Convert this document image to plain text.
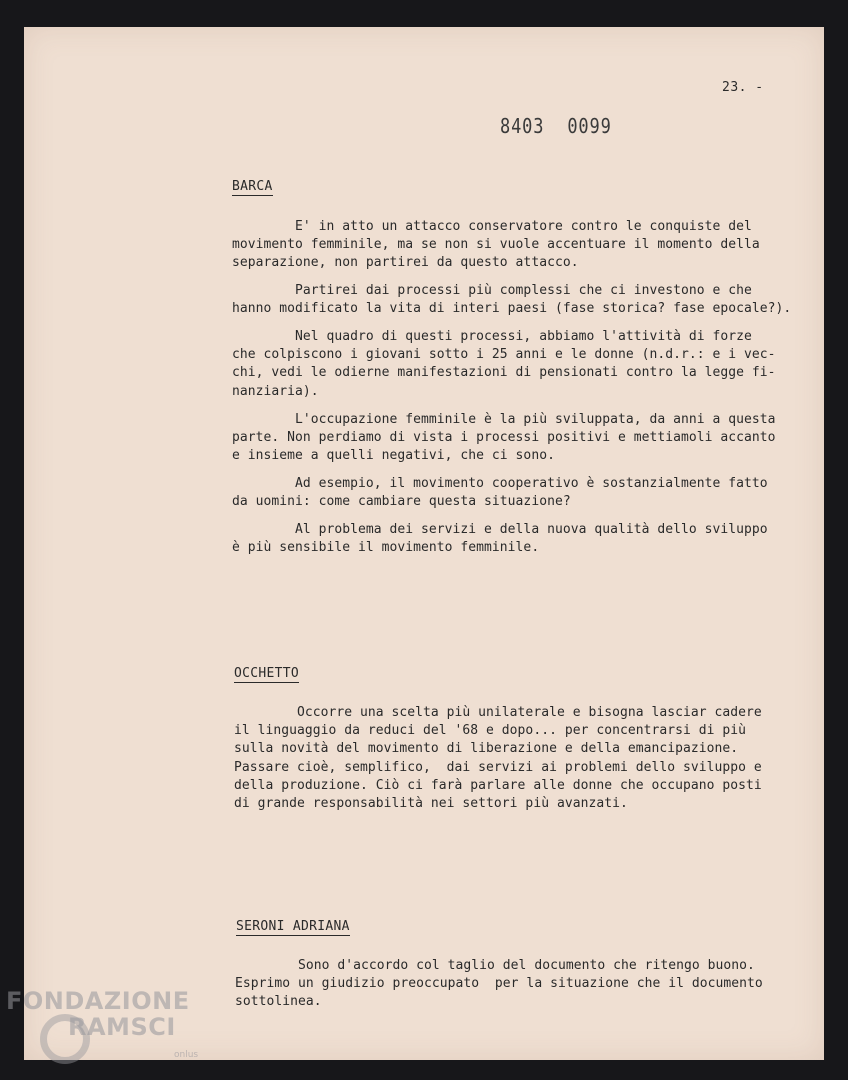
23. -
8403 0099
BARCA

E' in atto un attacco conservatore contro le conquiste del
movimento femminile, ma se non si vuole accentuare il momento della
separazione, non partirei da questo attacco.

Partirei dai processi più complessi che ci investono e che
hanno modificato la vita di interi paesi (fase storica? fase epocale?).

Nel quadro di questi processi, abbiamo l'attività di forze
che colpiscono i giovani sotto i 25 anni e le donne (n.d.r.: e i vec-
chi, vedi le odierne manifestazioni di pensionati contro la legge fi-
nanziaria).

L'occupazione femminile è la più sviluppata, da anni a questa
parte. Non perdiamo di vista i processi positivi e mettiamoli accanto
e insieme a quelli negativi, che ci sono.

Ad esempio, il movimento cooperativo è sostanzialmente fatto
da uomini: come cambiare questa situazione?

Al problema dei servizi e della nuova qualità dello sviluppo
è più sensibile il movimento femminile.

OCCHETTO

Occorre una scelta più unilaterale e bisogna lasciar cadere
il linguaggio da reduci del '68 e dopo... per concentrarsi di più
sulla novità del movimento di liberazione e della emancipazione.
Passare cioè, semplifico,  dai servizi ai problemi dello sviluppo e
della produzione. Ciò ci farà parlare alle donne che occupano posti
di grande responsabilità nei settori più avanzati.

SERONI ADRIANA

Sono d'accordo col taglio del documento che ritengo buono.
Esprimo un giudizio preoccupato  per la situazione che il documento
sottolinea.

FONDAZIONE
RAMSCI
onlus
